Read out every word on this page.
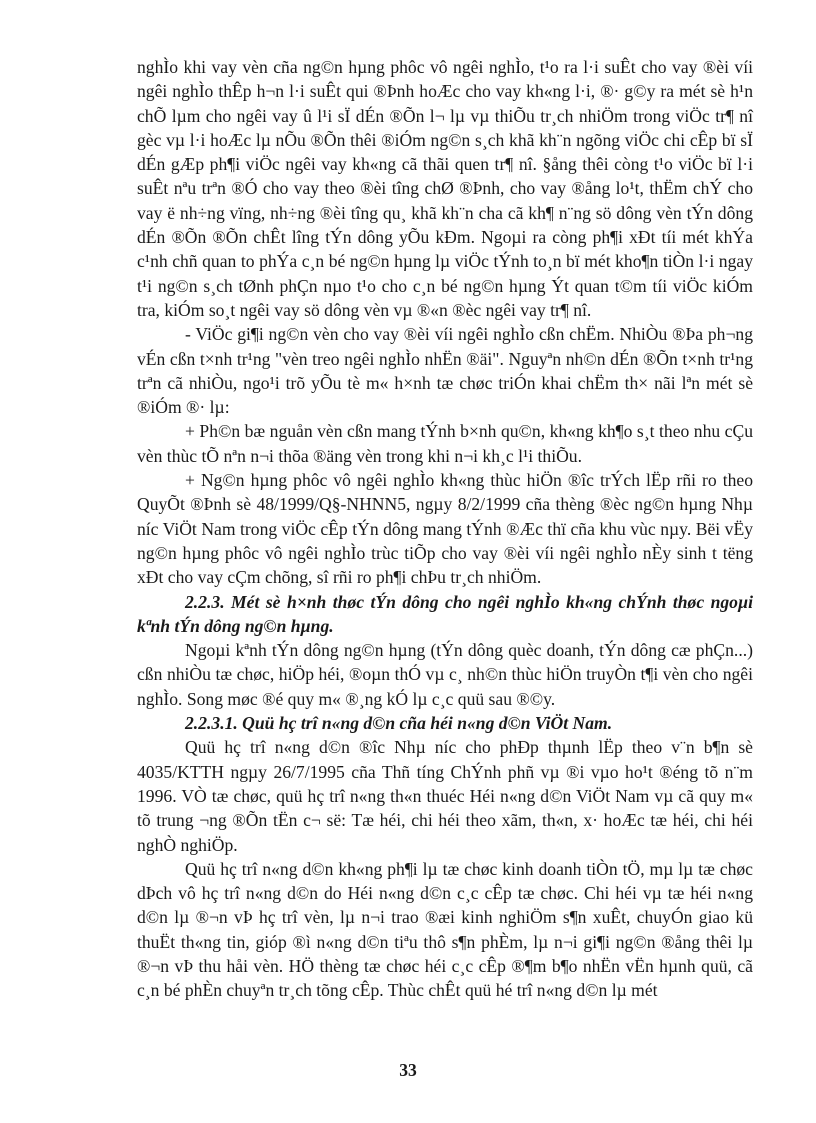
nghÌo khi vay vèn cña ng©n hµng phôc vô ngêi nghÌo, t¹o ra l·i suÊt cho vay ®èi víi ngêi nghÌo thÊp h¬n l·i suÊt qui ®Þnh hoÆc cho vay kh«ng l·i, ®· g©y ra mét sè h¹n chÕ lµm cho ngêi vay û l¹i sÏ dÉn ®Õn l¬ lµ vµ thiÕu tr¸ch nhiÖm trong viÖc tr¶ nî gèc vµ l·i hoÆc lµ nÕu ®Õn thêi ®iÓm ng©n s¸ch khã kh¨n ngõng viÖc chi cÊp bï sÏ dÉn gÆp ph¶i viÖc ngêi vay kh«ng cã thãi quen tr¶ nî. §ång thêi còng t¹o viÖc bï l·i suÊt nªu trªn ®Ó cho vay theo ®èi tîng chØ ®Þnh, cho vay ®ång lo¹t, thËm chÝ cho vay ë nh÷ng vïng, nh÷ng ®èi tîng qu¸ khã kh¨n cha cã kh¶ n¨ng sö dông vèn tÝn dông dÉn ®Õn ®Õn chÊt lîng tÝn dông yÕu kÐm. Ngoµi ra còng ph¶i xÐt tíi mét khÝa c¹nh chñ quan to phÝa c¸n bé ng©n hµng lµ viÖc tÝnh to¸n bï mét kho¶n tiÒn l·i ngay t¹i ng©n s¸ch tØnh phÇn nµo t¹o cho c¸n bé ng©n hµng Ýt quan t©m tíi viÖc kiÓm tra, kiÓm so¸t ngêi vay sö dông vèn vµ ®«n ®èc ngêi vay tr¶ nî.

- ViÖc gi¶i ng©n vèn cho vay ®èi víi ngêi nghÌo cßn chËm. NhiÒu ®Þa ph¬ng vÉn cßn t×nh tr¹ng "vèn treo ngêi nghÌo nhËn ®äi". Nguyªn nh©n dÉn ®Õn t×nh tr¹ng trªn cã nhiÒu, ngo¹i trõ yÕu tè m« h×nh tæ chøc triÓn khai chËm th× nãi lªn mét sè ®iÓm ®· lµ:

+ Ph©n bæ nguån vèn cßn mang tÝnh b×nh qu©n, kh«ng kh¶o s¸t theo nhu cÇu vèn thùc tÕ nªn n¬i thõa ®äng vèn trong khi n¬i kh¸c l¹i thiÕu.

+ Ng©n hµng phôc vô ngêi nghÌo kh«ng thùc hiÖn ®îc trÝch lËp rñi ro theo QuyÕt ®Þnh sè 48/1999/Q§-NHNN5, ngµy 8/2/1999 cña thèng ®èc ng©n hµng Nhµ níc ViÖt Nam trong viÖc cÊp tÝn dông mang tÝnh ®Æc thï cña khu vùc nµy. Bëi vËy ng©n hµng phôc vô ngêi nghÌo trùc tiÕp cho vay ®èi víi ngêi nghÌo nÈy sinh t tëng xÐt cho vay cÇm chõng, sî rñi ro ph¶i chÞu tr¸ch nhiÖm.

2.2.3. Mét sè h×nh thøc tÝn dông cho ngêi nghÌo kh«ng chÝnh thøc ngoµi kªnh tÝn dông ng©n hµng.

Ngoµi kªnh tÝn dông ng©n hµng (tÝn dông quèc doanh, tÝn dông cæ phÇn...) cßn nhiÒu tæ chøc, hiÖp héi, ®oµn thÓ vµ c¸ nh©n thùc hiÖn truyÒn t¶i vèn cho ngêi nghÌo. Song møc ®é quy m« ®¸ng kÓ lµ c¸c quü sau ®©y.

2.2.3.1. Quü hç trî n«ng d©n cña héi n«ng d©n ViÖt Nam.

Quü hç trî n«ng d©n ®îc Nhµ níc cho phÐp thµnh lËp theo v¨n b¶n sè 4035/KTTH ngµy 26/7/1995 cña Thñ tíng ChÝnh phñ vµ ®i vµo ho¹t ®éng tõ n¨m 1996. VÒ tæ chøc, quü hç trî n«ng th«n thuéc Héi n«ng d©n ViÖt Nam vµ cã quy m« tõ trung ¬ng ®Õn tËn c¬ së: Tæ héi, chi héi theo xãm, th«n, x· hoÆc tæ héi, chi héi nghÒ nghiÖp.

Quü hç trî n«ng d©n kh«ng ph¶i lµ tæ chøc kinh doanh tiÒn tÖ, mµ lµ tæ chøc dÞch vô hç trî n«ng d©n do Héi n«ng d©n c¸c cÊp tæ chøc. Chi héi vµ tæ héi n«ng d©n lµ ®¬n vÞ hç trî vèn, lµ n¬i trao ®æi kinh nghiÖm s¶n xuÊt, chuyÓn giao kü thuËt th«ng tin, gióp ®ì n«ng d©n tiªu thô s¶n phÈm, lµ n¬i gi¶i ng©n ®ång thêi lµ ®¬n vÞ thu håi vèn. HÖ thèng tæ chøc héi c¸c cÊp ®¶m b¶o nhËn vËn hµnh quü, cã c¸n bé phÈn chuyªn tr¸ch tõng cÊp. Thùc chÊt quü hé trî n«ng d©n lµ mét

33
